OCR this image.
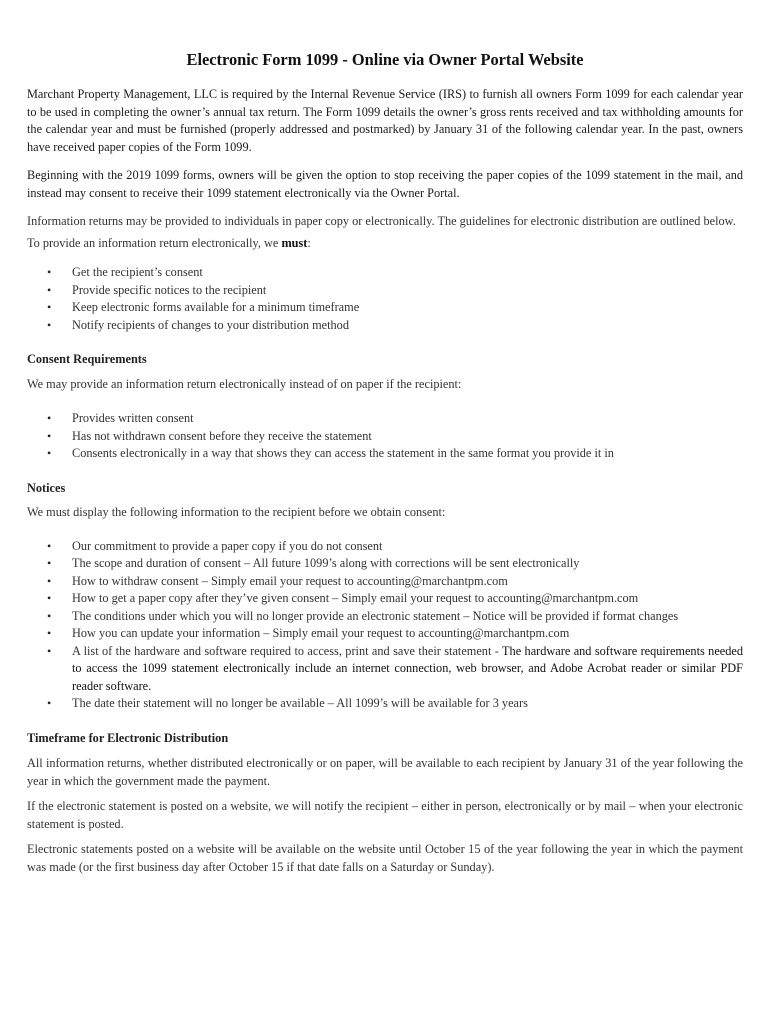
Electronic Form 1099 - Online via Owner Portal Website

Marchant Property Management, LLC is required by the Internal Revenue Service (IRS) to furnish all owners Form 1099 for each calendar year to be used in completing the owner’s annual tax return. The Form 1099 details the owner’s gross rents received and tax withholding amounts for the calendar year and must be furnished (properly addressed and postmarked) by January 31 of the following calendar year. In the past, owners have received paper copies of the Form 1099.

Beginning with the 2019 1099 forms, owners will be given the option to stop receiving the paper copies of the 1099 statement in the mail, and instead may consent to receive their 1099 statement electronically via the Owner Portal.

Information returns may be provided to individuals in paper copy or electronically. The guidelines for electronic distribution are outlined below.

To provide an information return electronically, we must:

• Get the recipient’s consent
• Provide specific notices to the recipient
• Keep electronic forms available for a minimum timeframe
• Notify recipients of changes to your distribution method
Consent Requirements

We may provide an information return electronically instead of on paper if the recipient:

• Provides written consent
• Has not withdrawn consent before they receive the statement
• Consents electronically in a way that shows they can access the statement in the same format you provide it in
Notices

We must display the following information to the recipient before we obtain consent:

• Our commitment to provide a paper copy if you do not consent
• The scope and duration of consent – All future 1099’s along with corrections will be sent electronically
• How to withdraw consent – Simply email your request to accounting@marchantpm.com
• How to get a paper copy after they’ve given consent – Simply email your request to accounting@marchantpm.com
• The conditions under which you will no longer provide an electronic statement – Notice will be provided if format changes
• How you can update your information – Simply email your request to accounting@marchantpm.com
• A list of the hardware and software required to access, print and save their statement - The hardware and software requirements needed to access the 1099 statement electronically include an internet connection, web browser, and Adobe Acrobat reader or similar PDF reader software.
• The date their statement will no longer be available – All 1099’s will be available for 3 years
Timeframe for Electronic Distribution

All information returns, whether distributed electronically or on paper, will be available to each recipient by January 31 of the year following the year in which the government made the payment.

If the electronic statement is posted on a website, we will notify the recipient – either in person, electronically or by mail – when your electronic statement is posted.

Electronic statements posted on a website will be available on the website until October 15 of the year following the year in which the payment was made (or the first business day after October 15 if that date falls on a Saturday or Sunday).
